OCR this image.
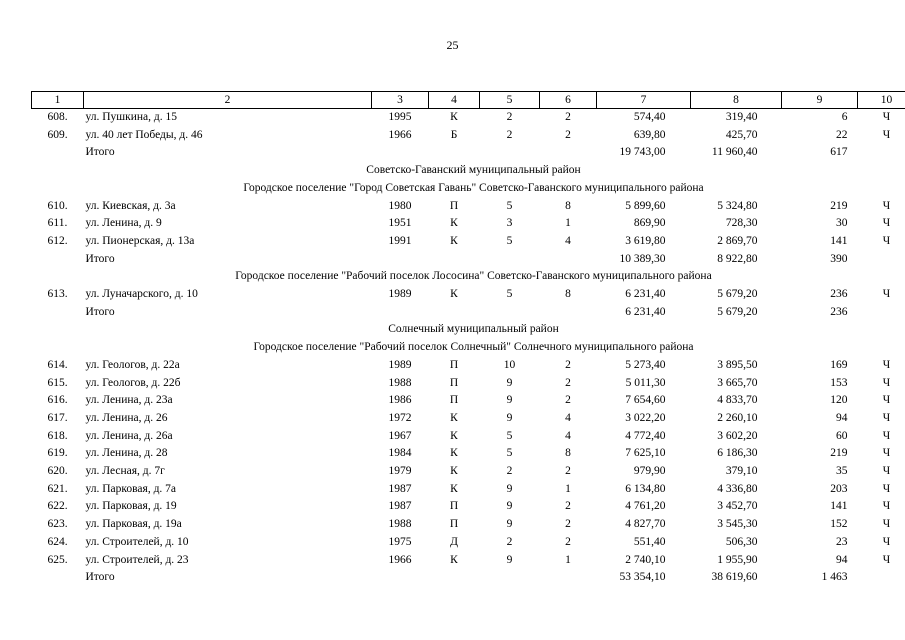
25
1	2	3	4	5	6	7	8	9	10
608.	ул. Пушкина, д. 15	1995	К	2	2	574,40	319,40	6	Ч
609.	ул. 40 лет Победы, д. 46	1966	Б	2	2	639,80	425,70	22	Ч
	Итого					19 743,00	11 960,40	617	
Советско-Гаванский муниципальный район									
Городское поселение "Город Советская Гавань" Советско-Гаванского муниципального района									
610.	ул. Киевская, д. 3а	1980	П	5	8	5 899,60	5 324,80	219	Ч
611.	ул. Ленина, д. 9	1951	К	3	1	869,90	728,30	30	Ч
612.	ул. Пионерская, д. 13а	1991	К	5	4	3 619,80	2 869,70	141	Ч
	Итого					10 389,30	8 922,80	390	
Городское поселение "Рабочий поселок Лососина" Советско-Гаванского муниципального района									
613.	ул. Луначарского, д. 10	1989	К	5	8	6 231,40	5 679,20	236	Ч
	Итого					6 231,40	5 679,20	236	
Солнечный муниципальный район									
Городское поселение "Рабочий поселок Солнечный" Солнечного муниципального района									
614.	ул. Геологов, д. 22а	1989	П	10	2	5 273,40	3 895,50	169	Ч
615.	ул. Геологов, д. 22б	1988	П	9	2	5 011,30	3 665,70	153	Ч
616.	ул. Ленина, д. 23а	1986	П	9	2	7 654,60	4 833,70	120	Ч
617.	ул. Ленина, д. 26	1972	К	9	4	3 022,20	2 260,10	94	Ч
618.	ул. Ленина, д. 26а	1967	К	5	4	4 772,40	3 602,20	60	Ч
619.	ул. Ленина, д. 28	1984	К	5	8	7 625,10	6 186,30	219	Ч
620.	ул. Лесная, д. 7г	1979	К	2	2	979,90	379,10	35	Ч
621.	ул. Парковая, д. 7а	1987	К	9	1	6 134,80	4 336,80	203	Ч
622.	ул. Парковая, д. 19	1987	П	9	2	4 761,20	3 452,70	141	Ч
623.	ул. Парковая, д. 19а	1988	П	9	2	4 827,70	3 545,30	152	Ч
624.	ул. Строителей, д. 10	1975	Д	2	2	551,40	506,30	23	Ч
625.	ул. Строителей, д. 23	1966	К	9	1	2 740,10	1 955,90	94	Ч
	Итого					53 354,10	38 619,60	1 463	
